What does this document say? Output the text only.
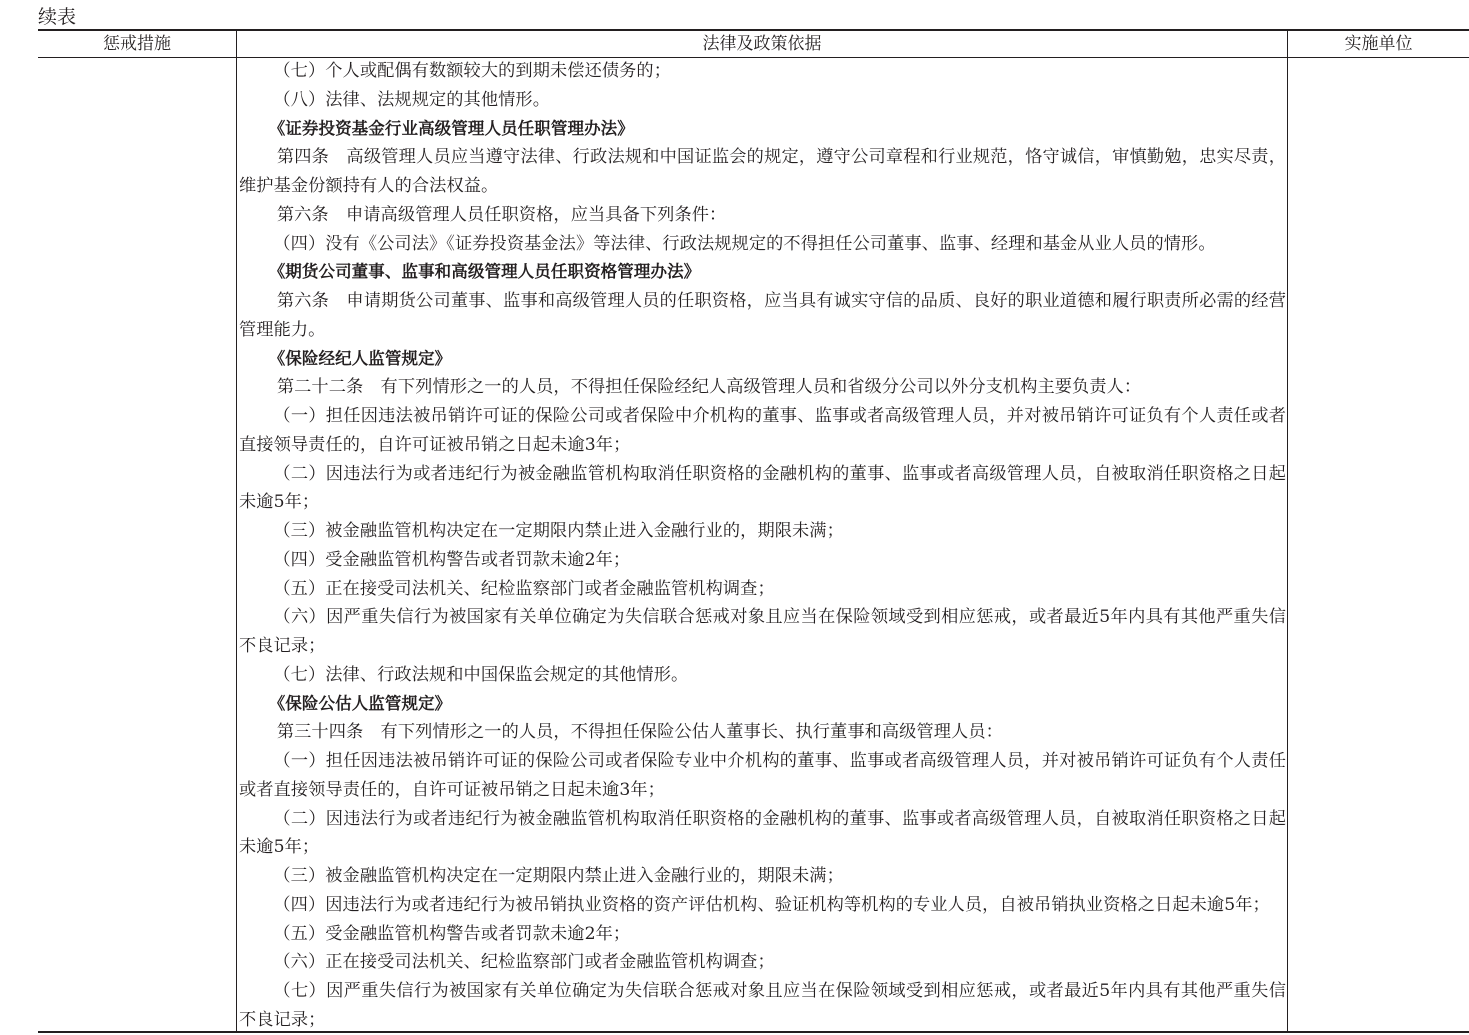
续表
惩戒措施	法律及政策依据	实施单位

（七）个人或配偶有数额较大的到期未偿还债务的；

（八）法律、法规规定的其他情形。

《证券投资基金行业高级管理人员任职管理办法》

第四条　高级管理人员应当遵守法律、行政法规和中国证监会的规定，遵守公司章程和行业规范，恪守诚信，审慎勤勉，忠实尽责，维护基金份额持有人的合法权益。

第六条　申请高级管理人员任职资格，应当具备下列条件：

（四）没有《公司法》《证券投资基金法》等法律、行政法规规定的不得担任公司董事、监事、经理和基金从业人员的情形。

《期货公司董事、监事和高级管理人员任职资格管理办法》

第六条　申请期货公司董事、监事和高级管理人员的任职资格，应当具有诚实守信的品质、良好的职业道德和履行职责所必需的经营管理能力。

《保险经纪人监管规定》

第二十二条　有下列情形之一的人员，不得担任保险经纪人高级管理人员和省级分公司以外分支机构主要负责人：

（一）担任因违法被吊销许可证的保险公司或者保险中介机构的董事、监事或者高级管理人员，并对被吊销许可证负有个人责任或者直接领导责任的，自许可证被吊销之日起未逾3年；

（二）因违法行为或者违纪行为被金融监管机构取消任职资格的金融机构的董事、监事或者高级管理人员，自被取消任职资格之日起未逾5年；

（三）被金融监管机构决定在一定期限内禁止进入金融行业的，期限未满；

（四）受金融监管机构警告或者罚款未逾2年；

（五）正在接受司法机关、纪检监察部门或者金融监管机构调查；

（六）因严重失信行为被国家有关单位确定为失信联合惩戒对象且应当在保险领域受到相应惩戒，或者最近5年内具有其他严重失信不良记录；

（七）法律、行政法规和中国保监会规定的其他情形。

《保险公估人监管规定》

第三十四条　有下列情形之一的人员，不得担任保险公估人董事长、执行董事和高级管理人员：

（一）担任因违法被吊销许可证的保险公司或者保险专业中介机构的董事、监事或者高级管理人员，并对被吊销许可证负有个人责任或者直接领导责任的，自许可证被吊销之日起未逾3年；

（二）因违法行为或者违纪行为被金融监管机构取消任职资格的金融机构的董事、监事或者高级管理人员，自被取消任职资格之日起未逾5年；

（三）被金融监管机构决定在一定期限内禁止进入金融行业的，期限未满；

（四）因违法行为或者违纪行为被吊销执业资格的资产评估机构、验证机构等机构的专业人员，自被吊销执业资格之日起未逾5年；

（五）受金融监管机构警告或者罚款未逾2年；

（六）正在接受司法机关、纪检监察部门或者金融监管机构调查；

（七）因严重失信行为被国家有关单位确定为失信联合惩戒对象且应当在保险领域受到相应惩戒，或者最近5年内具有其他严重失信不良记录；
